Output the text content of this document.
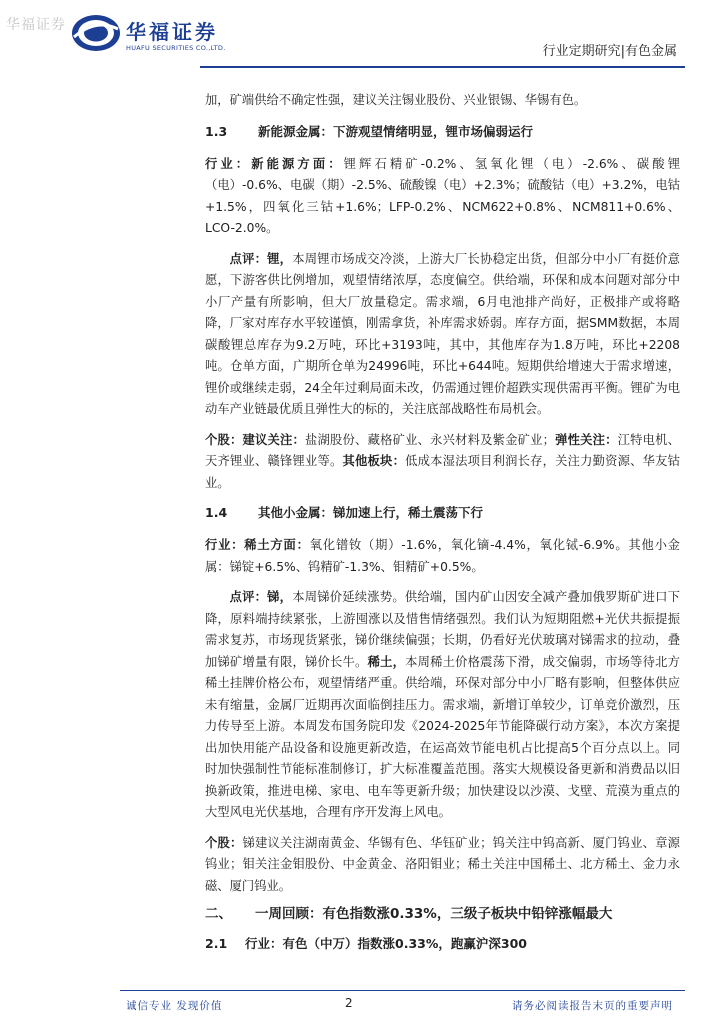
华福证券	华福证券
HUAFU SECURITIES CO.,LTD.	行业定期研究|有色金属

加，矿端供给不确定性强，建议关注锡业股份、兴业银锡、华锡有色。

1.3	新能源金属：下游观望情绪明显，锂市场偏弱运行

行业：新能源方面：锂辉石精矿-0.2%、氢氧化锂（电）-2.6%、碳酸锂（电）-0.6%、电碳（期）-2.5%、硫酸镍（电）+2.3%；硫酸钴（电）+3.2%，电钴+1.5%，四氧化三钴+1.6%；LFP-0.2%、NCM622+0.8%、NCM811+0.6%、LCO-2.0%。

点评：锂，本周锂市场成交冷淡，上游大厂长协稳定出货，但部分中小厂有挺价意愿，下游客供比例增加，观望情绪浓厚，态度偏空。供给端，环保和成本问题对部分中小厂产量有所影响，但大厂放量稳定。需求端，6月电池排产尚好，正极排产或将略降，厂家对库存水平较谨慎，刚需拿货，补库需求娇弱。库存方面，据SMM数据，本周碳酸锂总库存为9.2万吨，环比+3193吨，其中，其他库存为1.8万吨，环比+2208吨。仓单方面，广期所仓单为24996吨，环比+644吨。短期供给增速大于需求增速，锂价或继续走弱，24全年过剩局面未改，仍需通过锂价超跌实现供需再平衡。锂矿为电动车产业链最优质且弹性大的标的，关注底部战略性布局机会。

个股：建议关注：盐湖股份、藏格矿业、永兴材料及紫金矿业；弹性关注：江特电机、天齐锂业、赣锋锂业等。其他板块：低成本湿法项目利润长存，关注力勤资源、华友钴业。

1.4	其他小金属：锑加速上行，稀土震荡下行

行业：稀土方面：氧化镨钕（期）-1.6%，氧化镝-4.4%，氧化铽-6.9%。其他小金属：锑锭+6.5%、钨精矿-1.3%、钼精矿+0.5%。

点评：锑，本周锑价延续涨势。供给端，国内矿山因安全减产叠加俄罗斯矿进口下降，原料端持续紧张，上游囤涨以及惜售情绪强烈。我们认为短期阻燃+光伏共振提振需求复苏，市场现货紧张，锑价继续偏强；长期，仍看好光伏玻璃对锑需求的拉动，叠加锑矿增量有限，锑价长牛。稀土，本周稀土价格震荡下滑，成交偏弱，市场等待北方稀土挂牌价格公布，观望情绪严重。供给端，环保对部分中小厂略有影响，但整体供应未有缩量，金属厂近期再次面临倒挂压力。需求端，新增订单较少，订单竞价激烈，压力传导至上游。本周发布国务院印发《2024-2025年节能降碳行动方案》，本次方案提出加快用能产品设备和设施更新改造，在运高效节能电机占比提高5个百分点以上。同时加快强制性节能标准制修订，扩大标准覆盖范围。落实大规模设备更新和消费品以旧换新政策，推进电梯、家电、电车等更新升级；加快建设以沙漠、戈壁、荒漠为重点的大型风电光伏基地，合理有序开发海上风电。

个股：锑建议关注湖南黄金、华锡有色、华钰矿业；钨关注中钨高新、厦门钨业、章源钨业；钼关注金钼股份、中金黄金、洛阳钼业；稀土关注中国稀土、北方稀土、金力永磁、厦门钨业。

二、	一周回顾：有色指数涨0.33%，三级子板块中铅锌涨幅最大
2.1	行业：有色（中万）指数涨0.33%，跑赢沪深300
诚信专业 发现价值	2	请务必阅读报告末页的重要声明
